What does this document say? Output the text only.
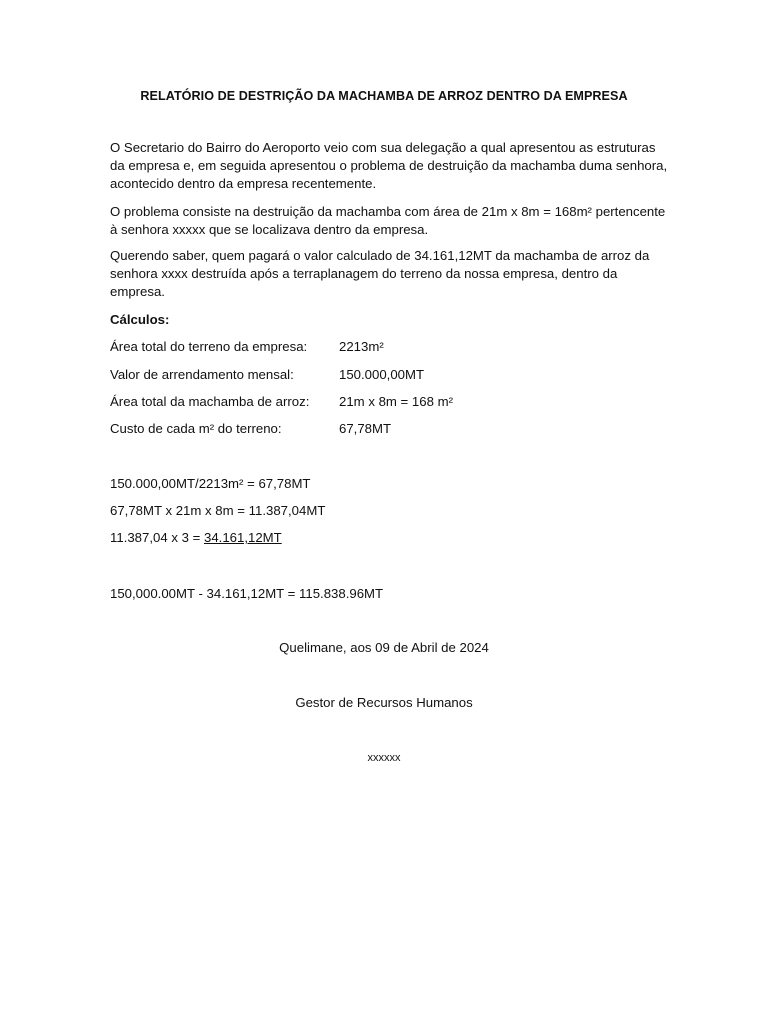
RELATÓRIO DE DESTRIÇÃO DA MACHAMBA DE ARROZ DENTRO DA EMPRESA
O Secretario do Bairro do Aeroporto veio com sua delegação a qual apresentou as estruturas da empresa e, em seguida apresentou o problema de destruição da machamba duma senhora, acontecido dentro da empresa recentemente.
O problema consiste na destruição da machamba com área de 21m x 8m = 168m² pertencente à senhora xxxxx que se localizava dentro da empresa.
Querendo saber, quem pagará o valor calculado de 34.161,12MT da machamba de arroz da senhora xxxx destruída após a terraplanagem do terreno da nossa empresa, dentro da empresa.
Cálculos:
Área total do terreno da empresa: 2213m²
Valor de arrendamento mensal:	150.000,00MT
Área total da machamba de arroz: 21m x 8m = 168 m²
Custo de cada m² do terreno:	67,78MT
150.000,00MT/2213m² = 67,78MT
67,78MT x 21m x 8m = 11.387,04MT
11.387,04 x 3 = 34.161,12MT
150,000.00MT - 34.161,12MT = 115.838.96MT
Quelimane, aos 09 de Abril de 2024
Gestor de Recursos Humanos
xxxxxx
